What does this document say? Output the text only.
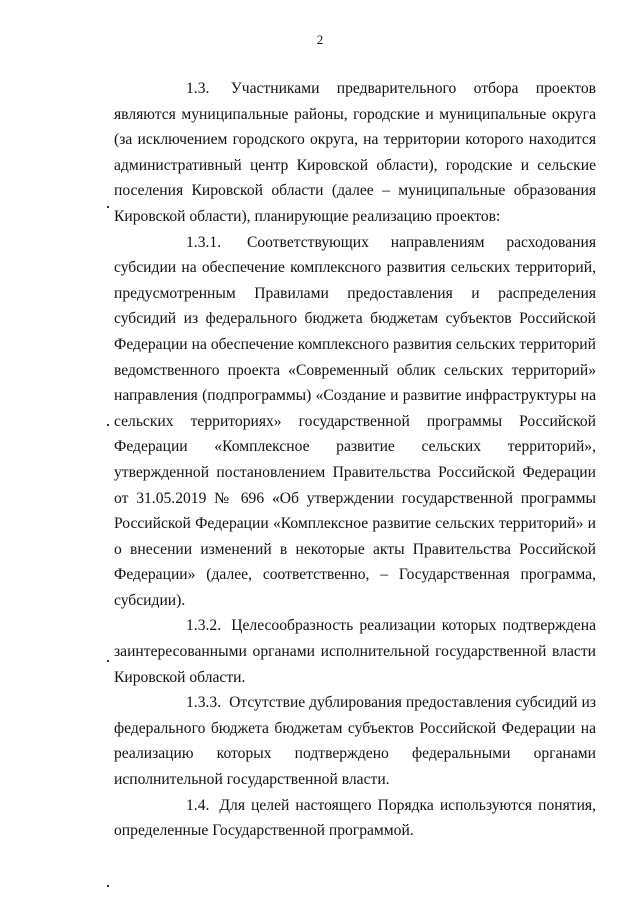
2

1.3. Участниками предварительного отбора проектов являются муниципальные районы, городские и муниципальные округа (за исключением городского округа, на территории которого находится административный центр Кировской области), городские и сельские поселения Кировской области (далее – муниципальные образования Кировской области), планирующие реализацию проектов:

1.3.1. Соответствующих направлениям расходования субсидии на обеспечение комплексного развития сельских территорий, предусмотренным Правилами предоставления и распределения субсидий из федерального бюджета бюджетам субъектов Российской Федерации на обеспечение комплексного развития сельских территорий ведомственного проекта «Современный облик сельских территорий» направления (подпрограммы) «Создание и развитие инфраструктуры на сельских территориях» государственной программы Российской Федерации «Комплексное развитие сельских территорий», утвержденной постановлением Правительства Российской Федерации от 31.05.2019 № 696 «Об утверждении государственной программы Российской Федерации «Комплексное развитие сельских территорий» и о внесении изменений в некоторые акты Правительства Российской Федерации» (далее, соответственно, – Государственная программа, субсидии).

1.3.2. Целесообразность реализации которых подтверждена заинтересованными органами исполнительной государственной власти Кировской области.

1.3.3. Отсутствие дублирования предоставления субсидий из федерального бюджета бюджетам субъектов Российской Федерации на реализацию которых подтверждено федеральными органами исполнительной государственной власти.

1.4. Для целей настоящего Порядка используются понятия, определенные Государственной программой.
